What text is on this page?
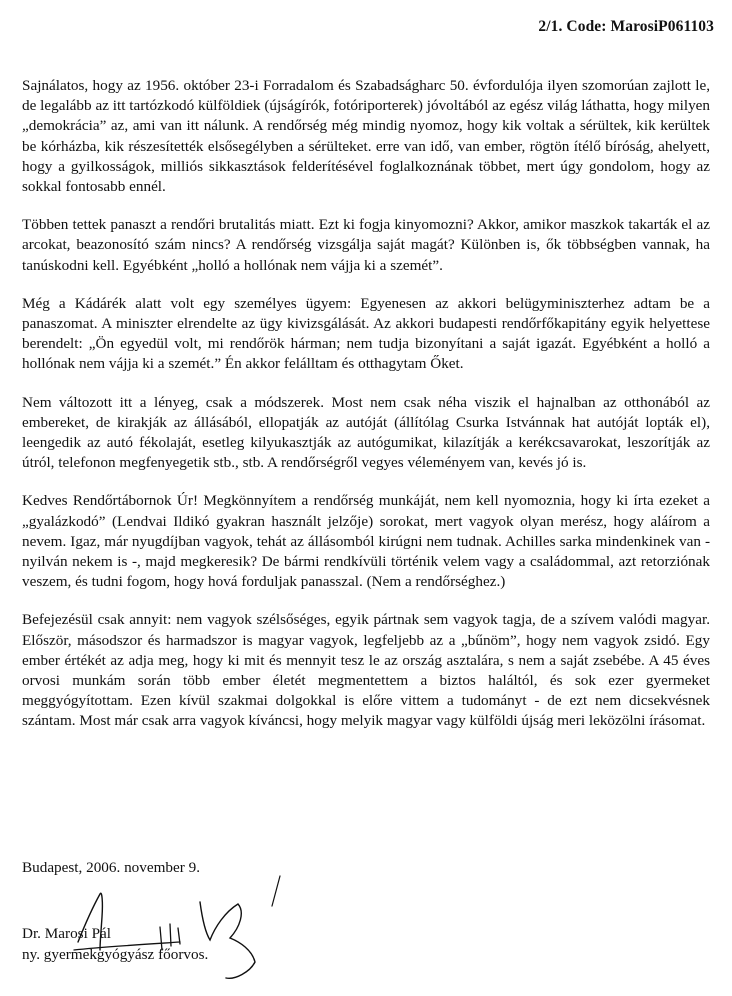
2/1. Code: MarosiP061103

Sajnálatos, hogy az 1956. október 23-i Forradalom és Szabadságharc 50. évfordulója ilyen szomorúan zajlott le, de legalább az itt tartózkodó külföldiek (újságírók, fotóriporterek) jóvoltából az egész világ láthatta, hogy milyen „demokrácia” az, ami van itt nálunk. A rendőrség még mindig nyomoz, hogy kik voltak a sérültek, kik kerültek be kórházba, kik részesítették elsősegélyben a sérülteket. erre van idő, van ember, rögtön ítélő bíróság, ahelyett, hogy a gyilkosságok, milliós sikkasztások felderítésével foglalkoznának többet, mert úgy gondolom, hogy az sokkal fontosabb ennél.

Többen tettek panaszt a rendőri brutalitás miatt. Ezt ki fogja kinyomozni? Akkor, amikor maszkok takarták el az arcokat, beazonosító szám nincs? A rendőrség vizsgálja saját magát? Különben is, ők többségben vannak, ha tanúskodni kell. Egyébként „holló a hollónak nem vájja ki a szemét”.

Még a Kádárék alatt volt egy személyes ügyem: Egyenesen az akkori belügyminiszterhez adtam be a panaszomat. A miniszter elrendelte az ügy kivizsgálását. Az akkori budapesti rendőrfőkapitány egyik helyettese berendelt: „Ön egyedül volt, mi rendőrök hárman; nem tudja bizonyítani a saját igazát. Egyébként a holló a hollónak nem vájja ki a szemét.” Én akkor felálltam és otthagytam Őket.

Nem változott itt a lényeg, csak a módszerek. Most nem csak néha viszik el hajnalban az otthonából az embereket, de kirakják az állásából, ellopatják az autóját (állítólag Csurka Istvánnak hat autóját lopták el), leengedik az autó fékolaját, esetleg kilyukasztják az autógumikat, kilazítják a kerékcsavarokat, leszorítják az útról, telefonon megfenyegetik stb., stb. A rendőrségről vegyes véleményem van, kevés jó is.

Kedves Rendőrtábornok Úr! Megkönnyítem a rendőrség munkáját, nem kell nyomoznia, hogy ki írta ezeket a „gyalázkodó” (Lendvai Ildikó gyakran használt jelzője) sorokat, mert vagyok olyan merész, hogy aláírom a nevem. Igaz, már nyugdíjban vagyok, tehát az állásomból kirúgni nem tudnak. Achilles sarka mindenkinek van - nyilván nekem is -, majd megkeresik? De bármi rendkívüli történik velem vagy a családommal, azt retorziónak veszem, és tudni fogom, hogy hová forduljak panasszal. (Nem a rendőrséghez.)

Befejezésül csak annyit: nem vagyok szélsőséges, egyik pártnak sem vagyok tagja, de a szívem valódi magyar. Először, másodszor és harmadszor is magyar vagyok, legfeljebb az a „bűnöm”, hogy nem vagyok zsidó. Egy ember értékét az adja meg, hogy ki mit és mennyit tesz le az ország asztalára, s nem a saját zsebébe. A 45 éves orvosi munkám során több ember életét megmentettem a biztos haláltól, és sok ezer gyermeket meggyógyítottam. Ezen kívül szakmai dolgokkal is előre vittem a tudományt - de ezt nem dicsekvésnek szántam. Most már csak arra vagyok kíváncsi, hogy melyik magyar vagy külföldi újság meri leközölni írásomat.

Budapest, 2006. november 9.
Dr. Marosi Pál
ny. gyermekgyógyász főorvos.
